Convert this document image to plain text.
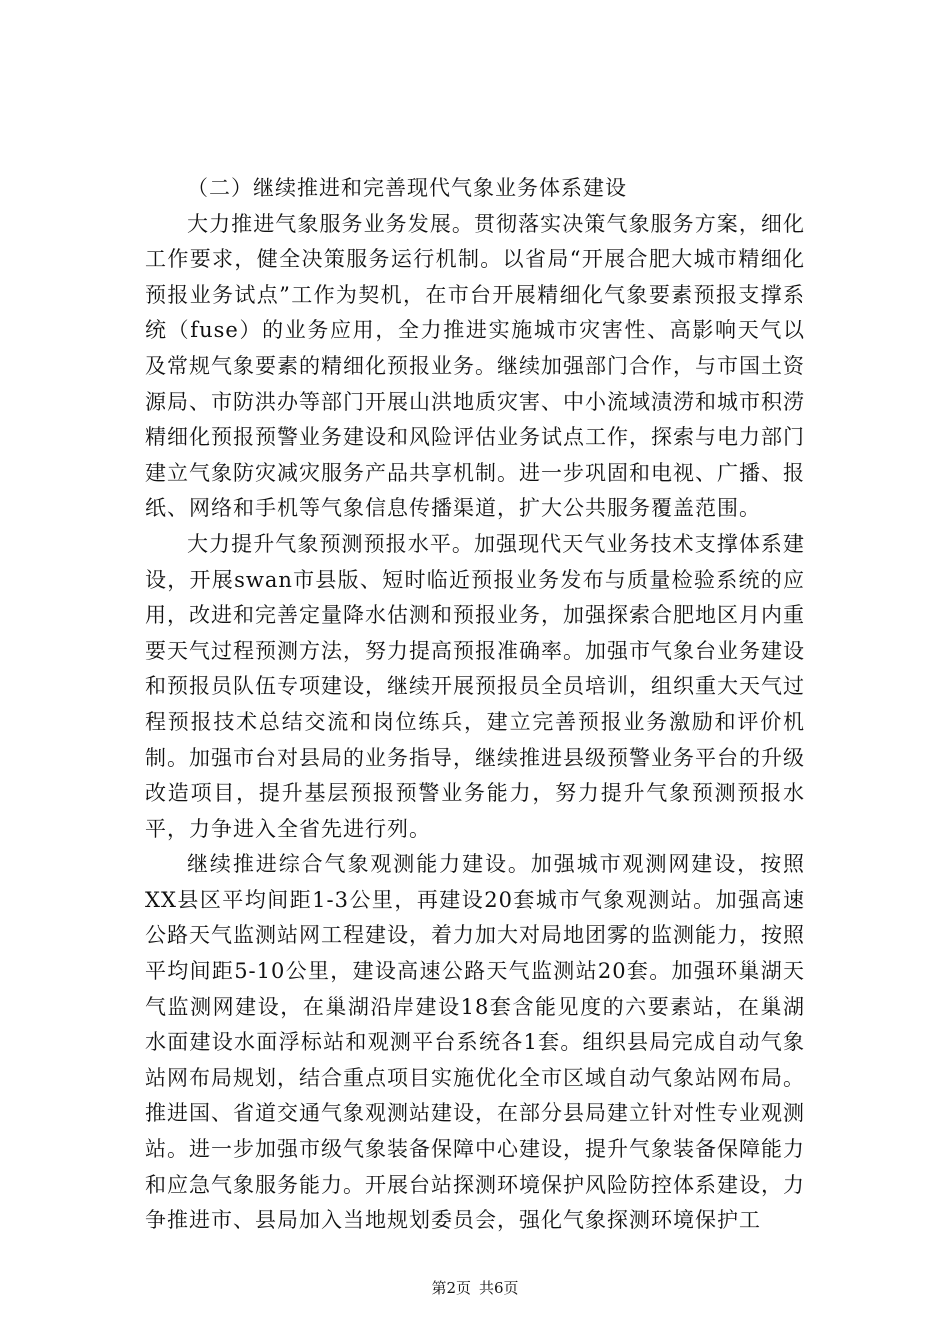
（二）继续推进和完善现代气象业务体系建设

大力推进气象服务业务发展。贯彻落实决策气象服务方案，细化工作要求，健全决策服务运行机制。以省局“开展合肥大城市精细化预报业务试点”工作为契机，在市台开展精细化气象要素预报支撑系统（fuse）的业务应用，全力推进实施城市灾害性、高影响天气以及常规气象要素的精细化预报业务。继续加强部门合作，与市国土资源局、市防洪办等部门开展山洪地质灾害、中小流域渍涝和城市积涝精细化预报预警业务建设和风险评估业务试点工作，探索与电力部门建立气象防灾减灾服务产品共享机制。进一步巩固和电视、广播、报纸、网络和手机等气象信息传播渠道，扩大公共服务覆盖范围。

大力提升气象预测预报水平。加强现代天气业务技术支撑体系建设，开展swan市县版、短时临近预报业务发布与质量检验系统的应用，改进和完善定量降水估测和预报业务，加强探索合肥地区月内重要天气过程预测方法，努力提高预报准确率。加强市气象台业务建设和预报员队伍专项建设，继续开展预报员全员培训，组织重大天气过程预报技术总结交流和岗位练兵，建立完善预报业务激励和评价机制。加强市台对县局的业务指导，继续推进县级预警业务平台的升级改造项目，提升基层预报预警业务能力，努力提升气象预测预报水平，力争进入全省先进行列。

继续推进综合气象观测能力建设。加强城市观测网建设，按照XX县区平均间距1-3公里，再建设20套城市气象观测站。加强高速公路天气监测站网工程建设，着力加大对局地团雾的监测能力，按照平均间距5-10公里，建设高速公路天气监测站20套。加强环巢湖天气监测网建设，在巢湖沿岸建设18套含能见度的六要素站，在巢湖水面建设水面浮标站和观测平台系统各1套。组织县局完成自动气象站网布局规划，结合重点项目实施优化全市区域自动气象站网布局。推进国、省道交通气象观测站建设，在部分县局建立针对性专业观测站。进一步加强市级气象装备保障中心建设，提升气象装备保障能力和应急气象服务能力。开展台站探测环境保护风险防控体系建设，力争推进市、县局加入当地规划委员会，强化气象探测环境保护工

第2页 共6页
